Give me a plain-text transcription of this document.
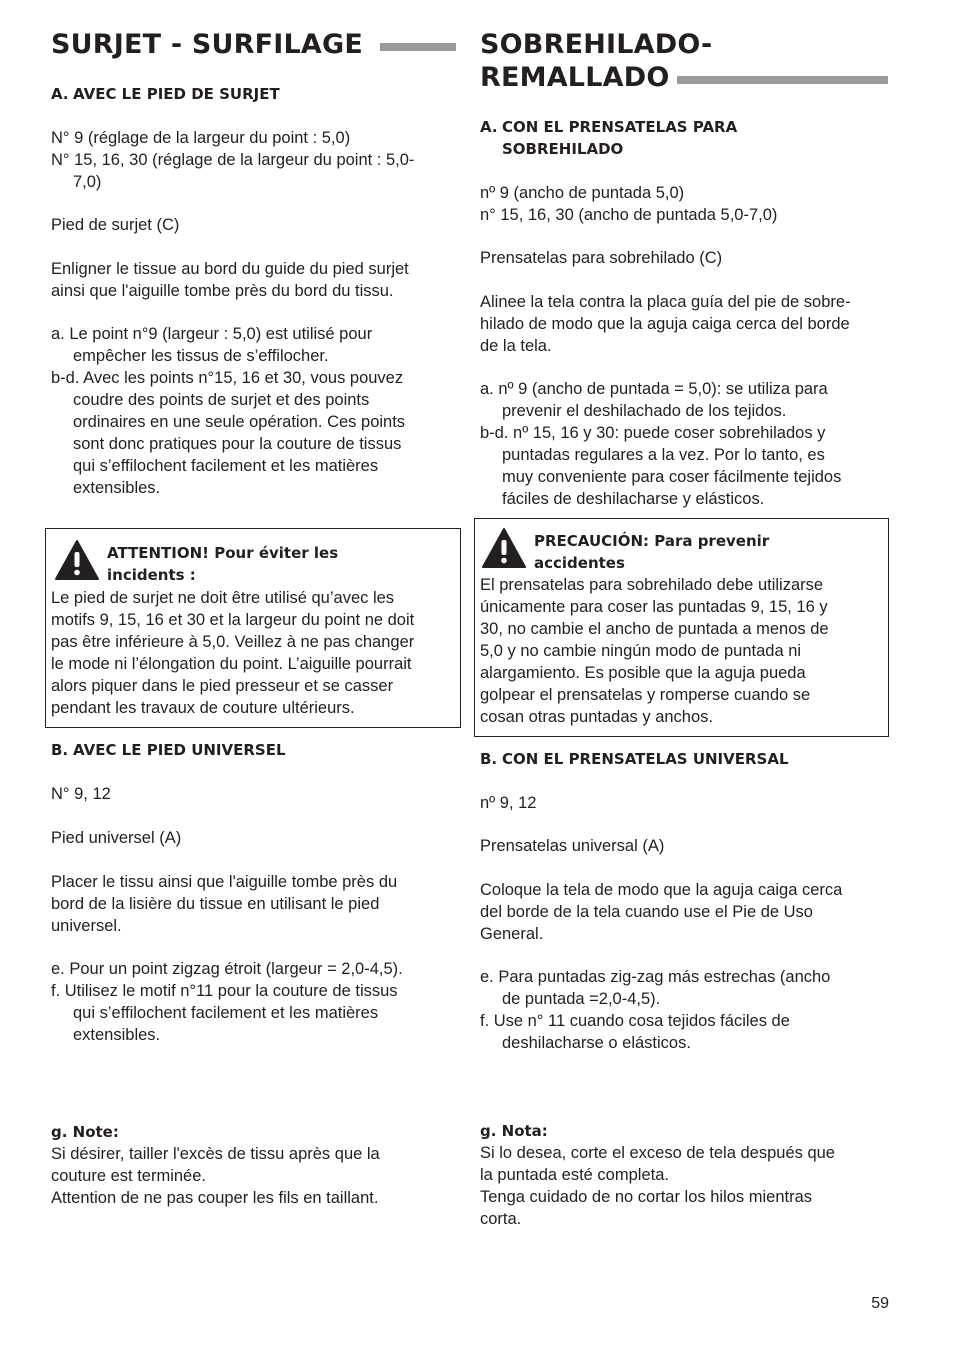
SURJET - SURFILAGE
A. AVEC LE PIED DE SURJET
N° 9 (réglage de la largeur du point : 5,0)
N° 15, 16, 30 (réglage de la largeur du point : 5,0-
7,0)
Pied de surjet (C)
Enligner le tissue au bord du guide du pied surjet
ainsi que l'aiguille tombe près du bord du tissu.
a. Le point n°9 (largeur : 5,0) est utilisé pour
empêcher les tissus de s’effilocher.
b-d. Avec les points n°15, 16 et 30, vous pouvez
coudre des points de surjet et des points
ordinaires en une seule opération. Ces points
sont donc pratiques pour la couture de tissus
qui s’effilochent facilement et les matières
extensibles.
ATTENTION! Pour éviter les
incidents :
Le pied de surjet ne doit être utilisé qu’avec les
motifs 9, 15, 16 et 30 et la largeur du point ne doit
pas être inférieure à 5,0. Veillez à ne pas changer
le mode ni l’élongation du point. L’aiguille pourrait
alors piquer dans le pied presseur et se casser
pendant les travaux de couture ultérieurs.
B. AVEC LE PIED UNIVERSEL
N° 9, 12
Pied universel (A)
Placer le tissu ainsi que l'aiguille tombe près du
bord de la lisière du tissue en utilisant le pied
universel.
e. Pour un point zigzag étroit (largeur = 2,0-4,5).
f. Utilisez le motif n°11 pour la couture de tissus
qui s’effilochent facilement et les matières
extensibles.
g. Note:
Si désirer, tailler l'excès de tissu après que la
couture est terminée.
Attention de ne pas couper les fils en taillant.
SOBREHILADO-
REMALLADO
A. CON EL PRENSATELAS PARA
SOBREHILADO
nº 9 (ancho de puntada 5,0)
n° 15, 16, 30 (ancho de puntada 5,0-7,0)
Prensatelas para sobrehilado (C)
Alinee la tela contra la placa guía del pie de sobre-
hilado de modo que la aguja caiga cerca del borde
de la tela.
a. nº 9 (ancho de puntada = 5,0): se utiliza para
prevenir el deshilachado de los tejidos.
b-d. nº 15, 16 y 30: puede coser sobrehilados y
puntadas regulares a la vez. Por lo tanto, es
muy conveniente para coser fácilmente tejidos
fáciles de deshilacharse y elásticos.
PRECAUCIÓN: Para prevenir
accidentes
El prensatelas para sobrehilado debe utilizarse
únicamente para coser las puntadas 9, 15, 16 y
30, no cambie el ancho de puntada a menos de
5,0 y no cambie ningún modo de puntada ni
alargamiento. Es posible que la aguja pueda
golpear el prensatelas y romperse cuando se
cosan otras puntadas y anchos.
B. CON EL PRENSATELAS UNIVERSAL
nº 9, 12
Prensatelas universal (A)
Coloque la tela de modo que la aguja caiga cerca
del borde de la tela cuando use el Pie de Uso
General.
e. Para puntadas zig-zag más estrechas (ancho
de puntada =2,0-4,5).
f. Use n° 11 cuando cosa tejidos fáciles de
deshilacharse o elásticos.
g. Nota:
Si lo desea, corte el exceso de tela después que
la puntada esté completa.
Tenga cuidado de no cortar los hilos mientras
corta.
59
